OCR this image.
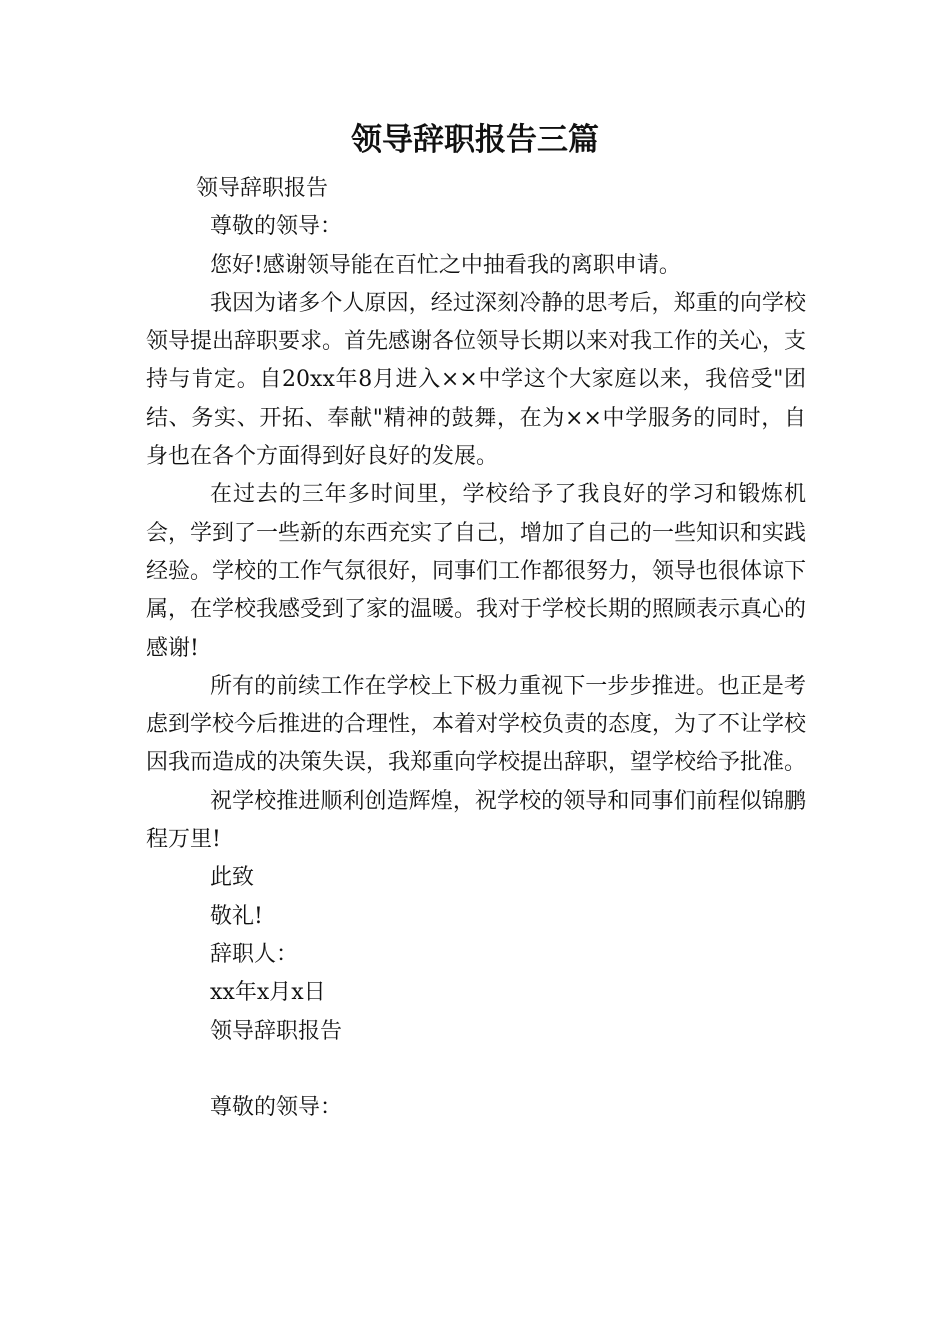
领导辞职报告三篇
领导辞职报告
尊敬的领导：
您好!感谢领导能在百忙之中抽看我的离职申请。

我因为诸多个人原因，经过深刻冷静的思考后，郑重的向学校领导提出辞职要求。首先感谢各位领导长期以来对我工作的关心，支持与肯定。自20xx年8月进入××中学这个大家庭以来，我倍受"团结、务实、开拓、奉献"精神的鼓舞，在为××中学服务的同时，自身也在各个方面得到好良好的发展。

在过去的三年多时间里，学校给予了我良好的学习和锻炼机会，学到了一些新的东西充实了自己，增加了自己的一些知识和实践经验。学校的工作气氛很好，同事们工作都很努力，领导也很体谅下属，在学校我感受到了家的温暖。我对于学校长期的照顾表示真心的感谢!

所有的前续工作在学校上下极力重视下一步步推进。也正是考虑到学校今后推进的合理性，本着对学校负责的态度，为了不让学校因我而造成的决策失误，我郑重向学校提出辞职，望学校给予批准。

祝学校推进顺利创造辉煌，祝学校的领导和同事们前程似锦鹏程万里!

此致
敬礼!
辞职人：
xx年x月x日
领导辞职报告
尊敬的领导：
